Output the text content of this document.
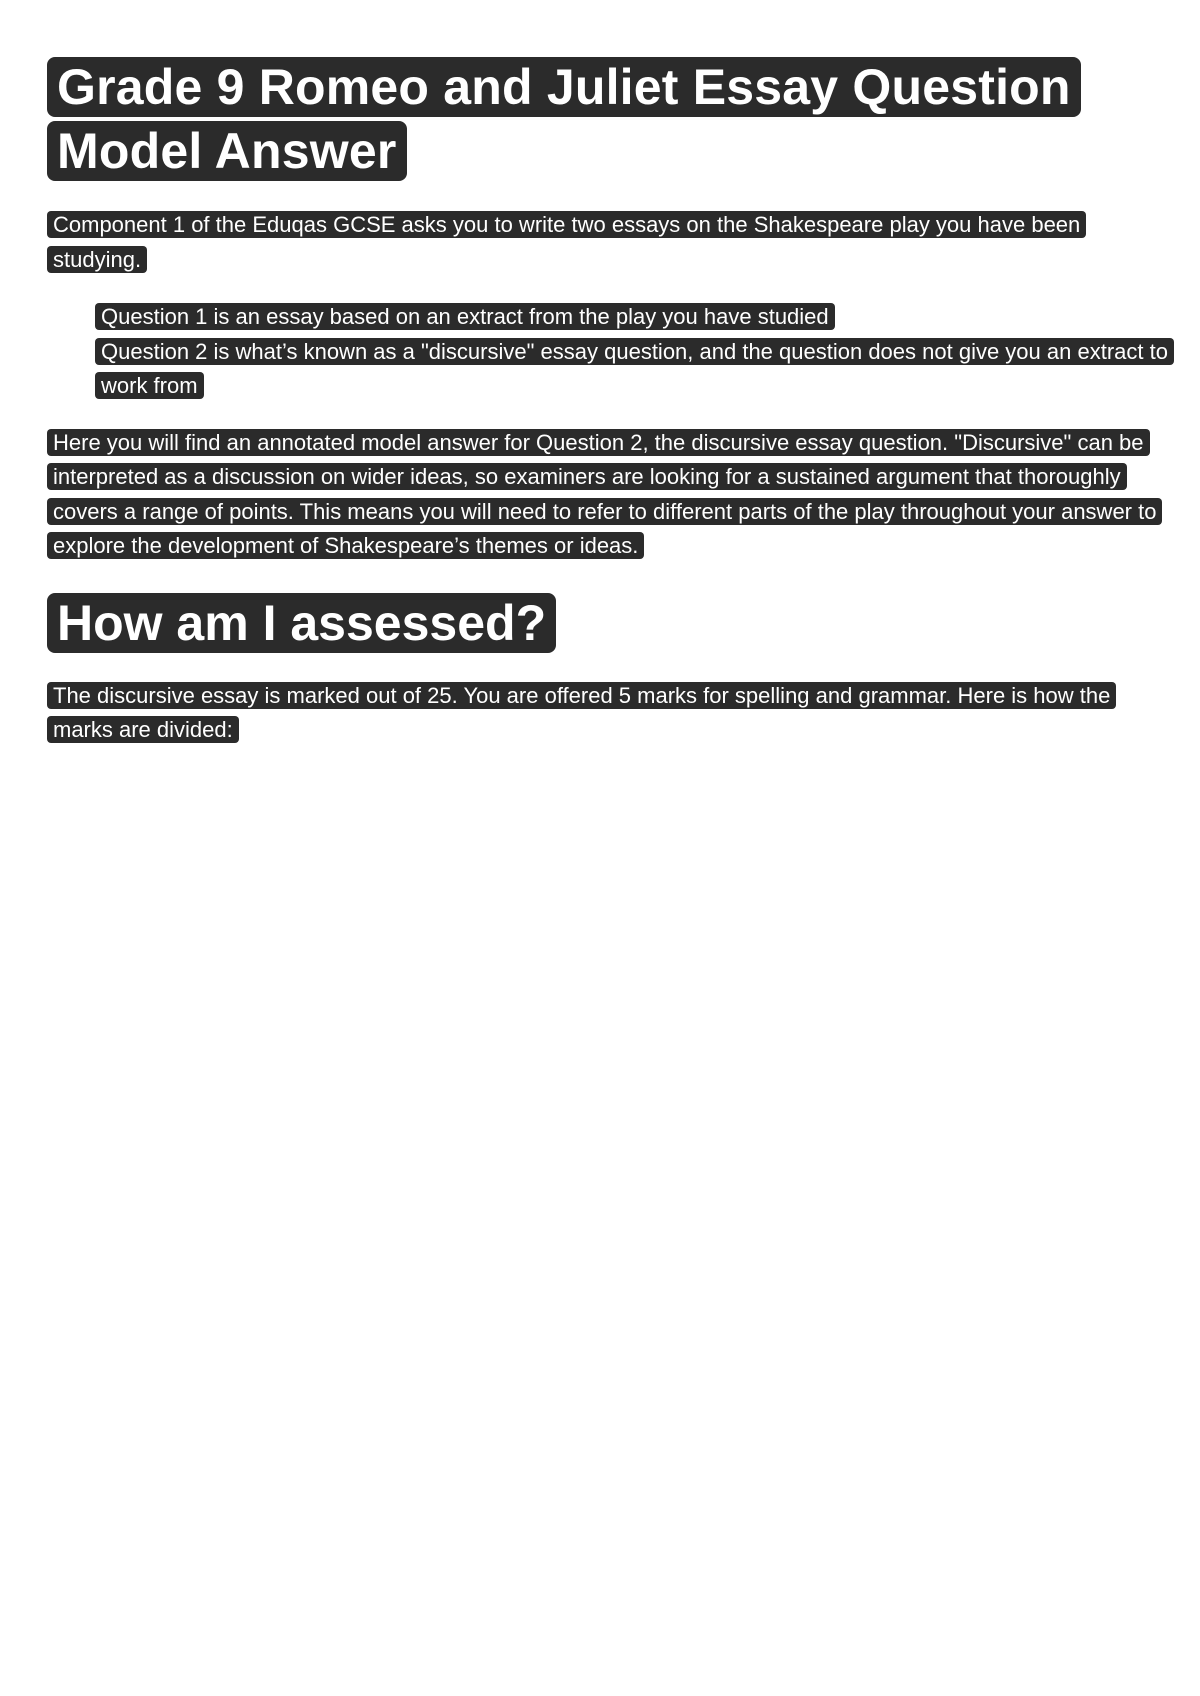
Grade 9 Romeo and Juliet Essay Question Model Answer

Component 1 of the Eduqas GCSE asks you to write two essays on the Shakespeare play you have been studying.

Question 1 is an essay based on an extract from the play you have studied
Question 2 is what’s known as a "discursive" essay question, and the question does not give you an extract to work from

Here you will find an annotated model answer for Question 2, the discursive essay question. "Discursive" can be interpreted as a discussion on wider ideas, so examiners are looking for a sustained argument that thoroughly covers a range of points. This means you will need to refer to different parts of the play throughout your answer to explore the development of Shakespeare’s themes or ideas.

How am I assessed?

The discursive essay is marked out of 25. You are offered 5 marks for spelling and grammar. Here is how the marks are divided:
